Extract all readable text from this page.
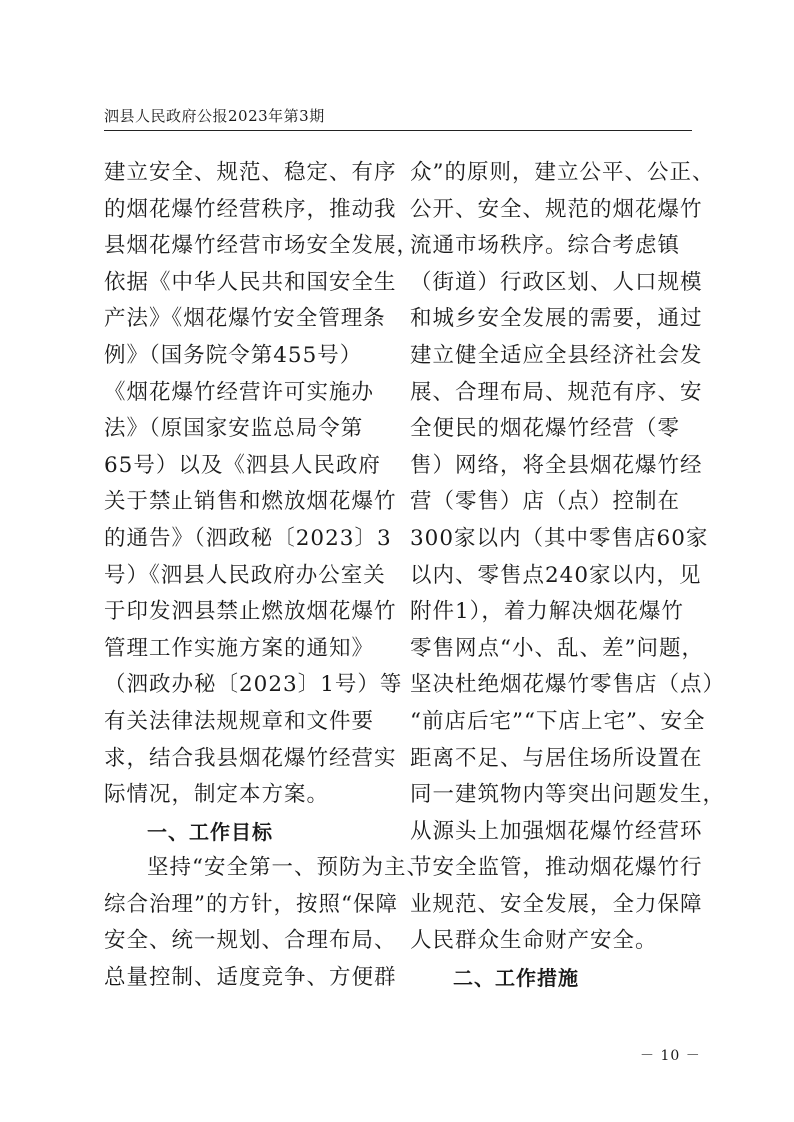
泗县人民政府公报2023年第3期
建立安全、规范、稳定、有序
的烟花爆竹经营秩序，推动我
县烟花爆竹经营市场安全发展，
依据《中华人民共和国安全生
产法》《烟花爆竹安全管理条
例》（国务院令第455号）
《烟花爆竹经营许可实施办
法》（原国家安监总局令第
65号）以及《泗县人民政府
关于禁止销售和燃放烟花爆竹
的通告》（泗政秘〔2023〕3
号）《泗县人民政府办公室关
于印发泗县禁止燃放烟花爆竹
管理工作实施方案的通知》
（泗政办秘〔2023〕1号）等
有关法律法规规章和文件要
求，结合我县烟花爆竹经营实
际情况，制定本方案。
一、工作目标
坚持“安全第一、预防为主、
综合治理”的方针，按照“保障
安全、统一规划、合理布局、
总量控制、适度竞争、方便群
众”的原则，建立公平、公正、
公开、安全、规范的烟花爆竹
流通市场秩序。综合考虑镇
（街道）行政区划、人口规模
和城乡安全发展的需要，通过
建立健全适应全县经济社会发
展、合理布局、规范有序、安
全便民的烟花爆竹经营（零
售）网络，将全县烟花爆竹经
营（零售）店（点）控制在
300家以内（其中零售店60家
以内、零售点240家以内，见
附件1），着力解决烟花爆竹
零售网点“小、乱、差”问题，
坚决杜绝烟花爆竹零售店（点）
“前店后宅”“下店上宅”、安全
距离不足、与居住场所设置在
同一建筑物内等突出问题发生，
从源头上加强烟花爆竹经营环
节安全监管，推动烟花爆竹行
业规范、安全发展，全力保障
人民群众生命财产安全。
二、工作措施
－ 10 －
